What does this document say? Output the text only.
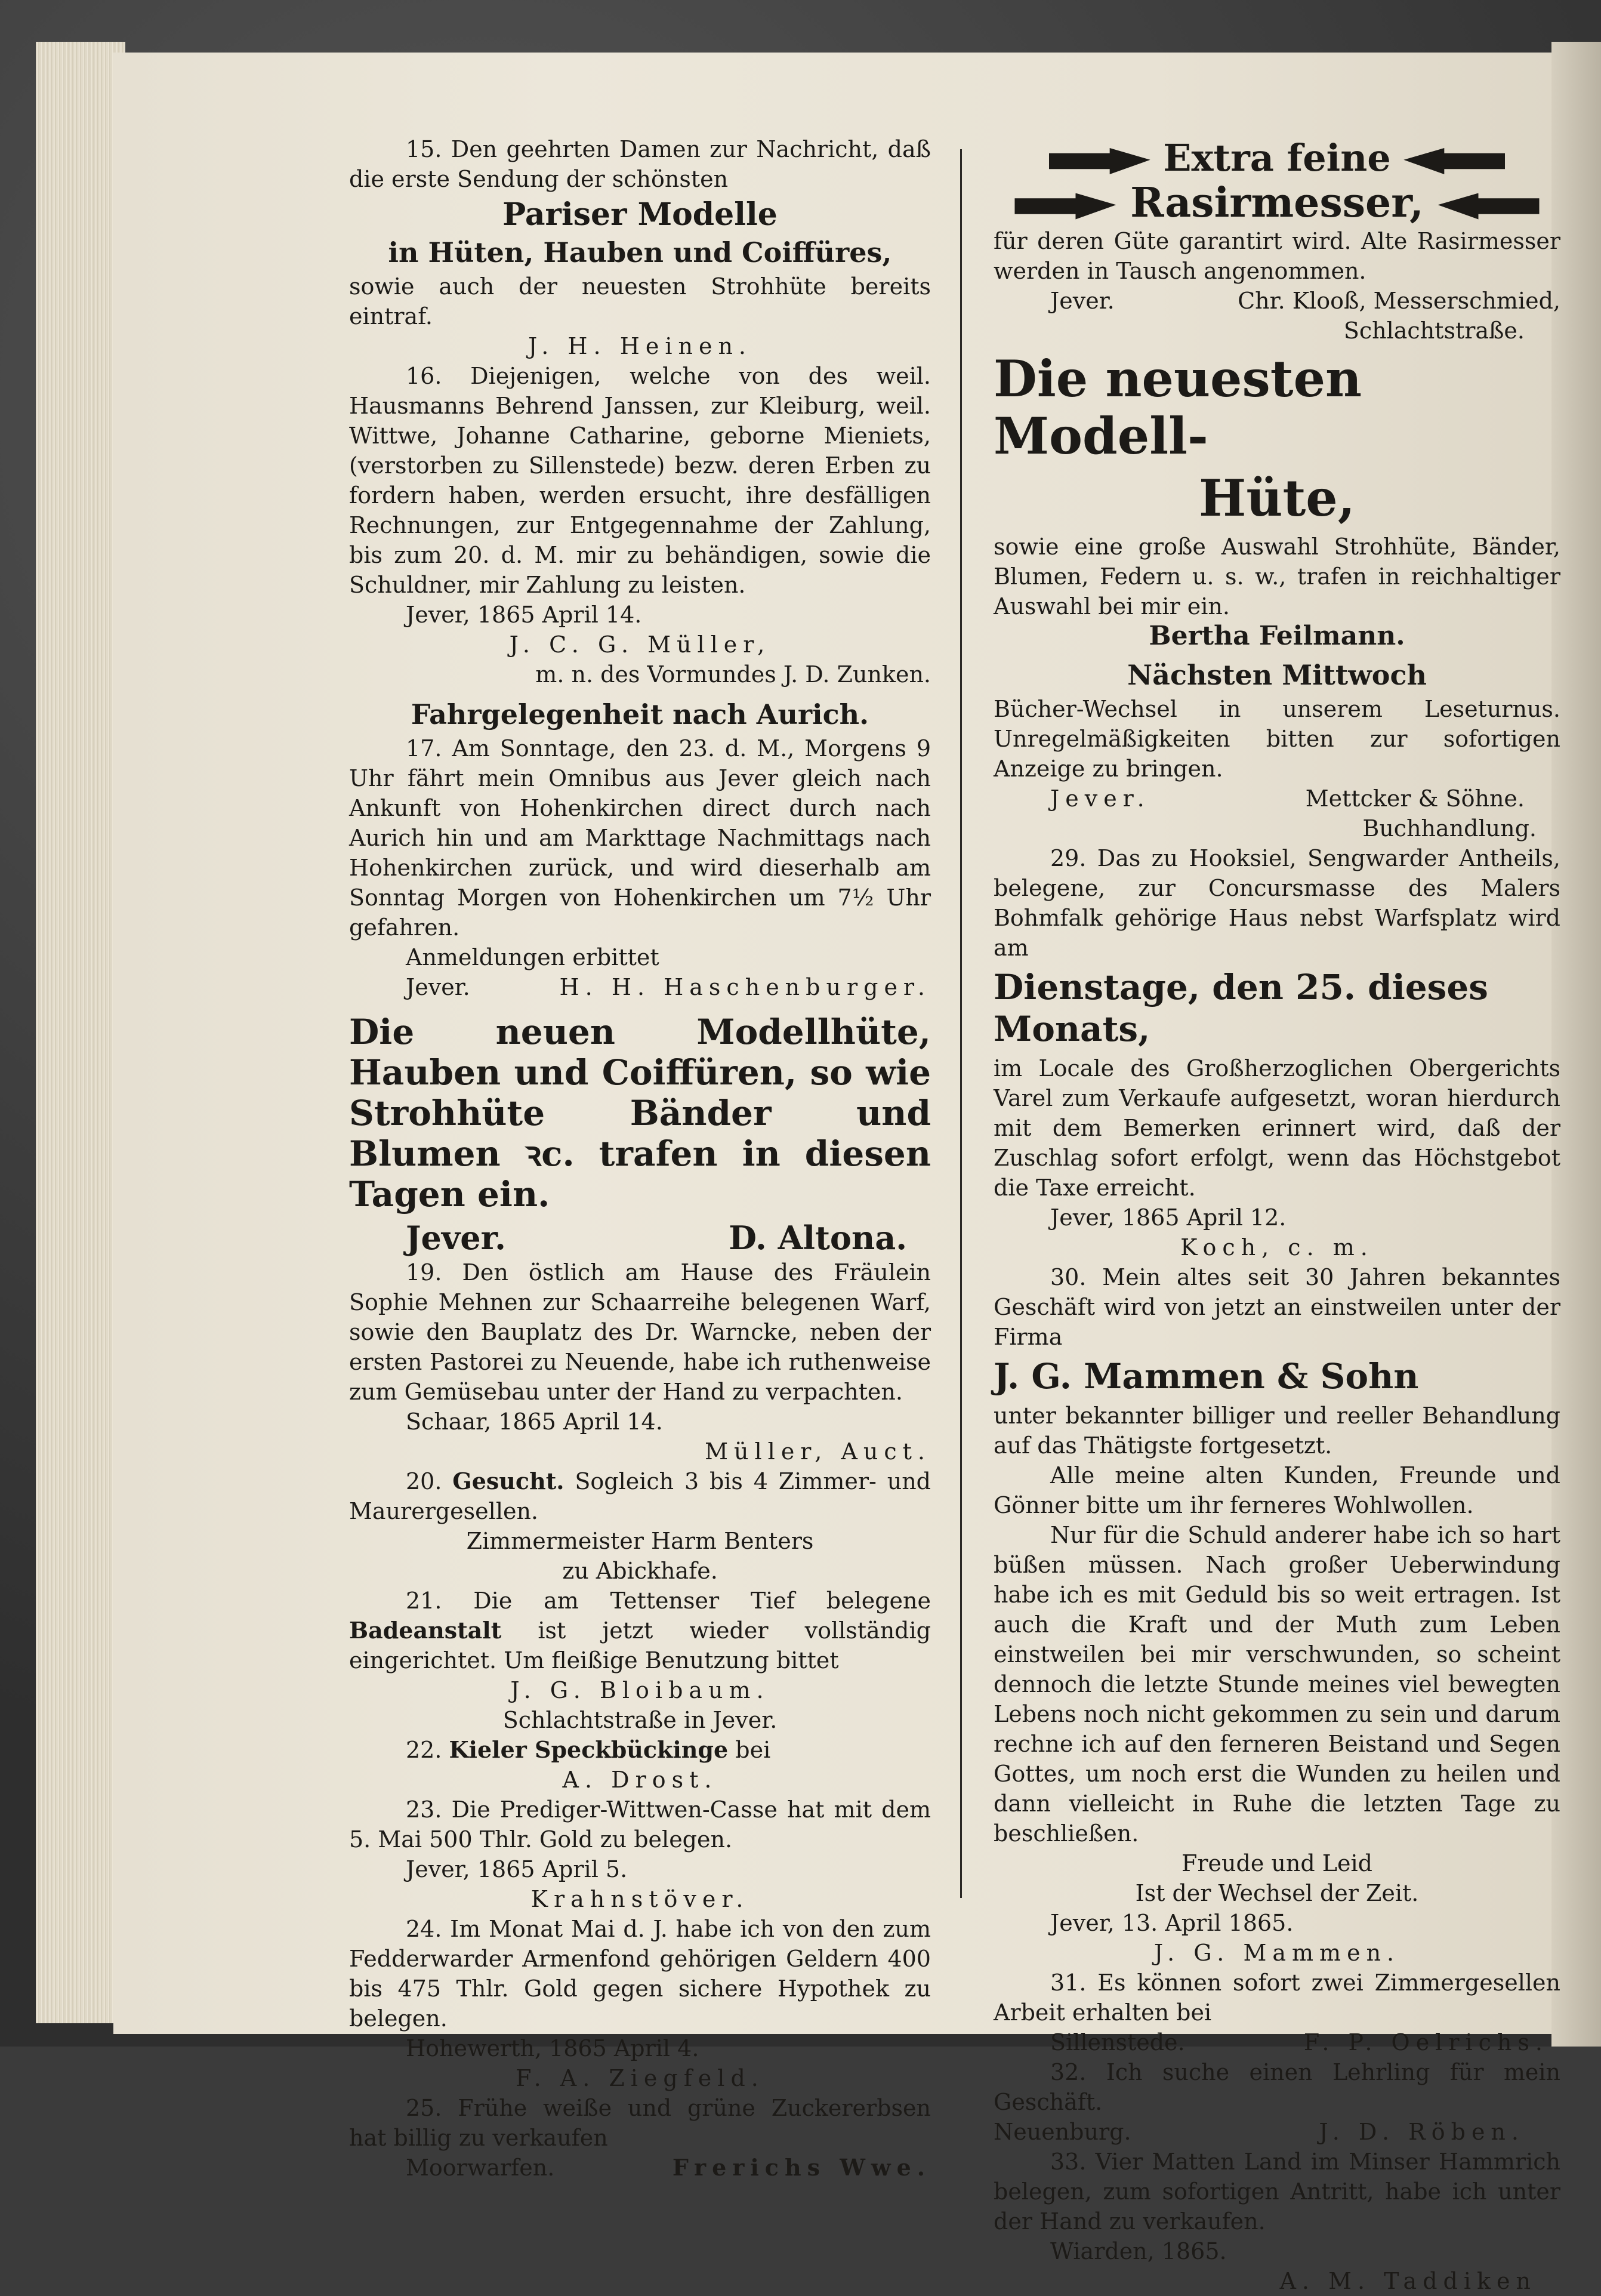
15. Den geehrten Damen zur Nachricht, daß die erste Sendung der schönsten

Pariser Modelle

in Hüten, Hauben und Coiffüres,

sowie auch der neuesten Strohhüte bereits eintraf.

J. H. Heinen.

16. Diejenigen, welche von des weil. Hausmanns Behrend Janssen, zur Kleiburg, weil. Wittwe, Johanne Catharine, geborne Mieniets, (verstorben zu Sillenstede) bezw. deren Erben zu fordern haben, werden ersucht, ihre desfälligen Rechnungen, zur Entgegennahme der Zahlung, bis zum 20. d. M. mir zu behändigen, sowie die Schuldner, mir Zahlung zu leisten.

Jever, 1865 April 14.

J. C. G. Müller,

m. n. des Vormundes J. D. Zunken.

Fahrgelegenheit nach Aurich.

17. Am Sonntage, den 23. d. M., Morgens 9 Uhr fährt mein Omnibus aus Jever gleich nach Ankunft von Hohenkirchen direct durch nach Aurich hin und am Markttage Nachmittags nach Hohenkirchen zurück, und wird dieserhalb am Sonntag Morgen von Hohenkirchen um 7½ Uhr gefahren.

Anmeldungen erbittet

Jever.	H. H. Haschenburger.

Die neuen Modellhüte, Hauben und Coiffüren, so wie Strohhüte Bänder und Blumen ꝛc. trafen in diesen Tagen ein.

Jever.	D. Altona.

19. Den östlich am Hause des Fräulein Sophie Mehnen zur Schaarreihe belegenen Warf, sowie den Bauplatz des Dr. Warncke, neben der ersten Pastorei zu Neuende, habe ich ruthenweise zum Gemüsebau unter der Hand zu verpachten.

Schaar, 1865 April 14.

Müller, Auct.

20. Gesucht. Sogleich 3 bis 4 Zimmer- und Maurergesellen.

Zimmermeister Harm Benters

zu Abickhafe.

21. Die am Tettenser Tief belegene Badeanstalt ist jetzt wieder vollständig eingerichtet. Um fleißige Benutzung bittet

J. G. Bloibaum.

Schlachtstraße in Jever.

22. Kieler Speckbückinge bei

A. Drost.

23. Die Prediger-Wittwen-Casse hat mit dem 5. Mai 500 Thlr. Gold zu belegen.

Jever, 1865 April 5.

Krahnstöver.

24. Im Monat Mai d. J. habe ich von den zum Fedderwarder Armenfond gehörigen Geldern 400 bis 475 Thlr. Gold gegen sichere Hypothek zu belegen.

Hohewerth, 1865 April 4.

F. A. Ziegfeld.

25. Frühe weiße und grüne Zuckererbsen hat billig zu verkaufen

Moorwarfen.	Frerichs Wwe.

Extra feine

Rasirmesser,

für deren Güte garantirt wird. Alte Rasirmesser werden in Tausch angenommen.

Jever.	Chr. Klooß, Messerschmied,

Schlachtstraße.

Die neuesten Modell-

Hüte,

sowie eine große Auswahl Strohhüte, Bänder, Blumen, Federn u. s. w., trafen in reichhaltiger Auswahl bei mir ein.

Bertha Feilmann.

Nächsten Mittwoch

Bücher-Wechsel in unserem Leseturnus. Unregelmäßigkeiten bitten zur sofortigen Anzeige zu bringen.

Jever.	Mettcker & Söhne.

Buchhandlung.

29. Das zu Hooksiel, Sengwarder Antheils, belegene, zur Concursmasse des Malers Bohmfalk gehörige Haus nebst Warfsplatz wird am

Dienstage, den 25. dieses Monats,

im Locale des Großherzoglichen Obergerichts Varel zum Verkaufe aufgesetzt, woran hierdurch mit dem Bemerken erinnert wird, daß der Zuschlag sofort erfolgt, wenn das Höchstgebot die Taxe erreicht.

Jever, 1865 April 12.

Koch, c. m.

30. Mein altes seit 30 Jahren bekanntes Geschäft wird von jetzt an einstweilen unter der Firma

J. G. Mammen & Sohn

unter bekannter billiger und reeller Behandlung auf das Thätigste fortgesetzt.

Alle meine alten Kunden, Freunde und Gönner bitte um ihr ferneres Wohlwollen.

Nur für die Schuld anderer habe ich so hart büßen müssen. Nach großer Ueberwindung habe ich es mit Geduld bis so weit ertragen. Ist auch die Kraft und der Muth zum Leben einstweilen bei mir verschwunden, so scheint dennoch die letzte Stunde meines viel bewegten Lebens noch nicht gekommen zu sein und darum rechne ich auf den ferneren Beistand und Segen Gottes, um noch erst die Wunden zu heilen und dann vielleicht in Ruhe die letzten Tage zu beschließen.

Freude und Leid

Ist der Wechsel der Zeit.

Jever, 13. April 1865.

J. G. Mammen.

31. Es können sofort zwei Zimmergesellen Arbeit erhalten bei

Sillenstede.	F. P. Oelrichs.

32. Ich suche einen Lehrling für mein Geschäft.

Neuenburg.	J. D. Röben.

33. Vier Matten Land im Minser Hammrich belegen, zum sofortigen Antritt, habe ich unter der Hand zu verkaufen.

Wiarden, 1865.

A. M. Taddiken
